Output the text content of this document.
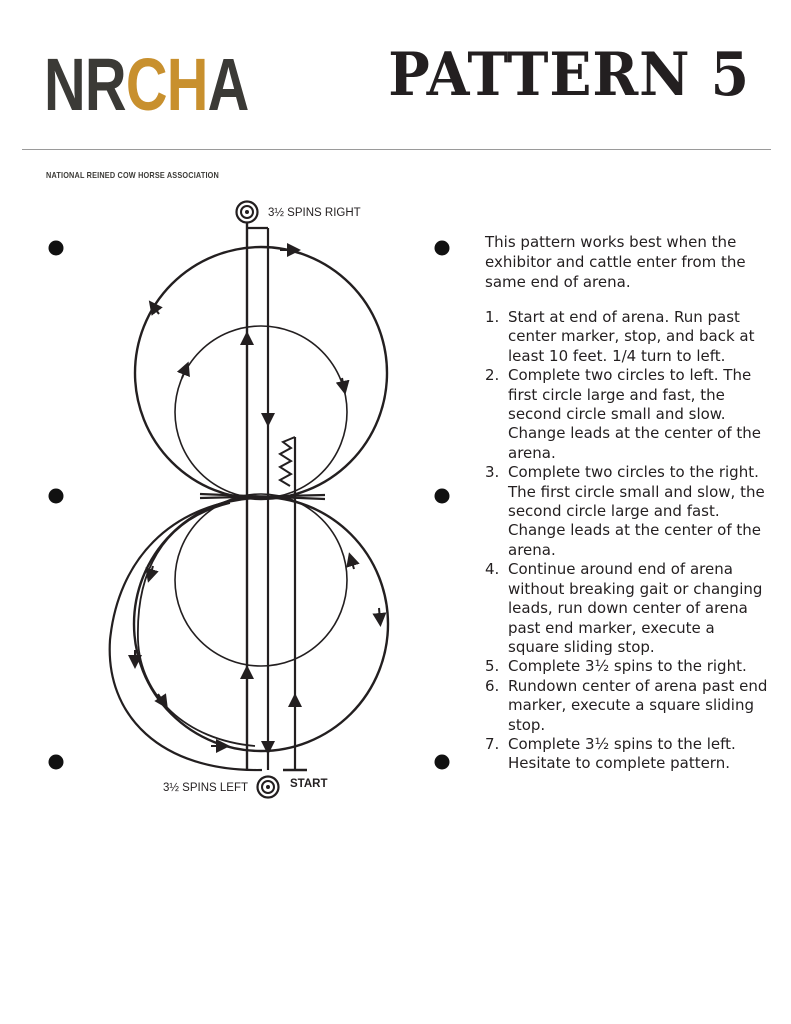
N R C H A
NATIONAL REINED COW HORSE ASSOCIATION
PATTERN 5
3½ SPINS RIGHT
3½ SPINS LEFT	START
This pattern works best when the exhibitor and cattle enter from the same end of arena.
1. Start at end of arena. Run past center marker, stop, and back at least 10 feet. 1/4 turn to left.
2. Complete two circles to left. The first circle large and fast, the second circle small and slow. Change leads at the center of the arena.
3. Complete two circles to the right. The first circle small and slow, the second circle large and fast. Change leads at the center of the arena.
4. Continue around end of arena without breaking gait or changing leads, run down center of arena past end marker, execute a square sliding stop.
5. Complete 3½ spins to the right.
6. Rundown center of arena past end marker, execute a square sliding stop.
7. Complete 3½ spins to the left. Hesitate to complete pattern.
